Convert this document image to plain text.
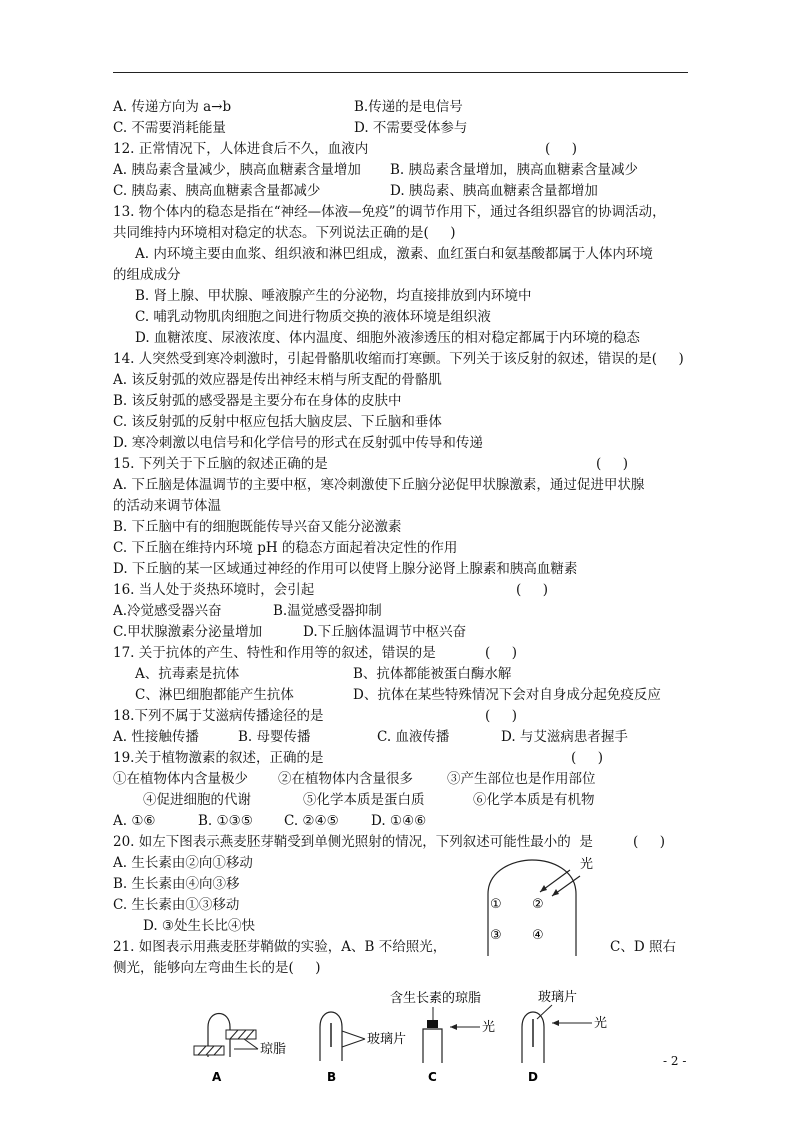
A. 传递方向为 a→b	B.传递的是电信号
C. 不需要消耗能量	D. 不需要受体参与
12. 正常情况下，人体进食后不久，血液内	(     )
A. 胰岛素含量减少，胰高血糖素含量增加 B. 胰岛素含量增加，胰高血糖素含量减少
C. 胰岛素、胰高血糖素含量都减少	D. 胰岛素、胰高血糖素含量都增加
13. 物个体内的稳态是指在“神经—体液—免疫”的调节作用下，通过各组织器官的协调活动，
共同维持内环境相对稳定的状态。下列说法正确的是(     )
A. 内环境主要由血浆、组织液和淋巴组成，激素、血红蛋白和氨基酸都属于人体内环境
的组成成分
B. 肾上腺、甲状腺、唾液腺产生的分泌物，均直接排放到内环境中
C. 哺乳动物肌肉细胞之间进行物质交换的液体环境是组织液
D. 血糖浓度、尿液浓度、体内温度、细胞外液渗透压的相对稳定都属于内环境的稳态
14. 人突然受到寒冷刺激时，引起骨骼肌收缩而打寒颤。下列关于该反射的叙述，错误的是(     )
A. 该反射弧的效应器是传出神经末梢与所支配的骨骼肌
B. 该反射弧的感受器是主要分布在身体的皮肤中
C. 该反射弧的反射中枢应包括大脑皮层、下丘脑和垂体
D. 寒冷刺激以电信号和化学信号的形式在反射弧中传导和传递
15. 下列关于下丘脑的叙述正确的是	(     )
A. 下丘脑是体温调节的主要中枢，寒冷刺激使下丘脑分泌促甲状腺激素，通过促进甲状腺
的活动来调节体温
B. 下丘脑中有的细胞既能传导兴奋又能分泌激素
C. 下丘脑在维持内环境 pH 的稳态方面起着决定性的作用
D. 下丘脑的某一区域通过神经的作用可以使肾上腺分泌肾上腺素和胰高血糖素
16. 当人处于炎热环境时，会引起	(     )
A.冷觉感受器兴奋	B.温觉感受器抑制
C.甲状腺激素分泌量增加	D.下丘脑体温调节中枢兴奋
17. 关于抗体的产生、特性和作用等的叙述，错误的是	(     )
A、抗毒素是抗体	B、抗体都能被蛋白酶水解
C、淋巴细胞都能产生抗体	D、抗体在某些特殊情况下会对自身成分起免疫反应
18.下列不属于艾滋病传播途径的是	(     )
A. 性接触传播	B. 母婴传播	C. 血液传播	D. 与艾滋病患者握手
19.关于植物激素的叙述，正确的是	(     )
①在植物体内含量极少 ②在植物体内含量很多	③产生部位也是作用部位
④促进细胞的代谢	⑤化学本质是蛋白质	⑥化学本质是有机物
A. ①⑥	B. ①③⑤ C. ②④⑤ D. ①④⑥
20. 如左下图表示燕麦胚芽鞘受到单侧光照射的情况，下列叙述可能性最小的  是	(     )
A. 生长素由②向①移动
B. 生长素由④向③移
C. 生长素由①③移动
D. ③处生长比④快
光
① ②
③ ④
21. 如图表示用燕麦胚芽鞘做的实验，A、B 不给照光，	C、D 照右
侧光，能够向左弯曲生长的是(     )
琼脂
A
玻璃片
B
含生长素的琼脂
光
C
玻璃片
光
D
- 2 -
